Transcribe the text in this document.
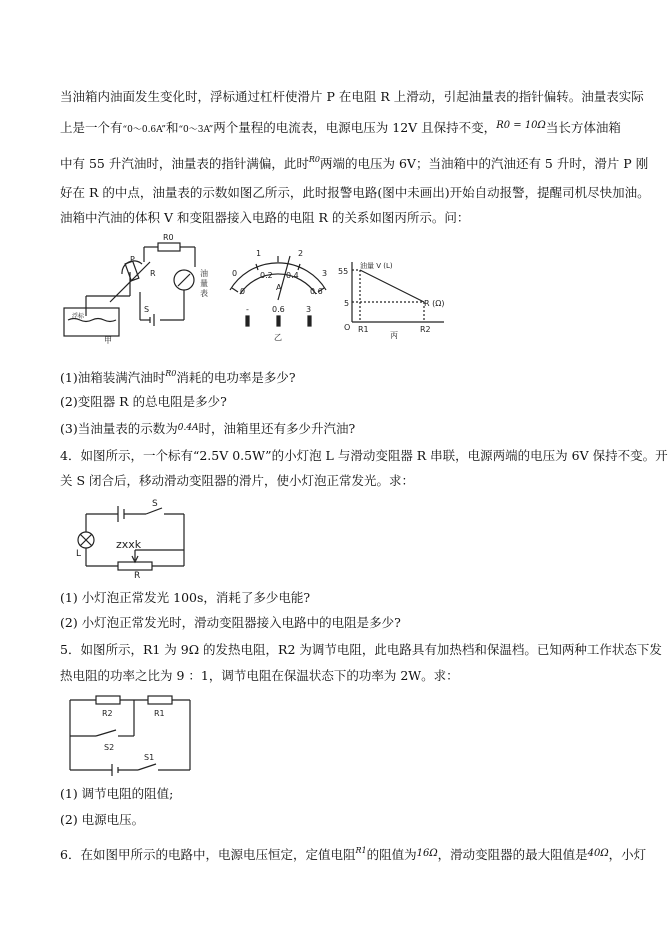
当油箱内油面发生变化时，浮标通过杠杆使滑片 P 在电阻 R 上滑动，引起油量表的指针偏转。油量表实际
上是一个有“0～0.6A”和“0～3A”两个量程的电流表，电源电压为 12V 且保持不变，$^{R0 = 10\Omega}$当长方体油箱
中有 55 升汽油时，油量表的指针满偏，此时$^{R0}$两端的电压为 6V；当油箱中的汽油还有 5 升时，滑片 P 刚
好在 R 的中点，油量表的示数如图乙所示，此时报警电路(图中未画出)开始自动报警，提醒司机尽快加油。
油箱中汽油的体积 V 和变阻器接入电路的电阻 R 的关系如图丙所示。问：
R0
P
R
浮标
油
量
表
S
甲
0
1	2
3
0.2 0.4
0	0.6
A
-	0.6	3
乙	丙
油量 V (L)
55
5
O R1	R2
R (Ω)
(1)油箱装满汽油时$^{R0}$消耗的电功率是多少?
(2)变阻器 R 的总电阻是多少?
(3)当油量表的示数为$^{0.4A}$时，油箱里还有多少升汽油?
4．如图所示，一个标有“2.5V 0.5W”的小灯泡 L 与滑动变阻器 R 串联，电源两端的电压为 6V 保持不变。开
关 S 闭合后，移动滑动变阻器的滑片，使小灯泡正常发光。求：
S
L
zxxk
R
(1) 小灯泡正常发光 100s，消耗了多少电能?
(2) 小灯泡正常发光时，滑动变阻器接入电路中的电阻是多少?
5．如图所示，R1 为 9Ω 的发热电阻，R2 为调节电阻，此电路具有加热档和保温档。已知两种工作状态下发
热电阻的功率之比为 9 ：1，调节电阻在保温状态下的功率为 2W。求：
R2	R1
S2
S1
(1) 调节电阻的阻值;
(2) 电源电压。
6．在如图甲所示的电路中，电源电压恒定，定值电阻$^{R1}$的阻值为$^{16\Omega}$，滑动变阻器的最大阻值是$^{40\Omega}$，小灯
